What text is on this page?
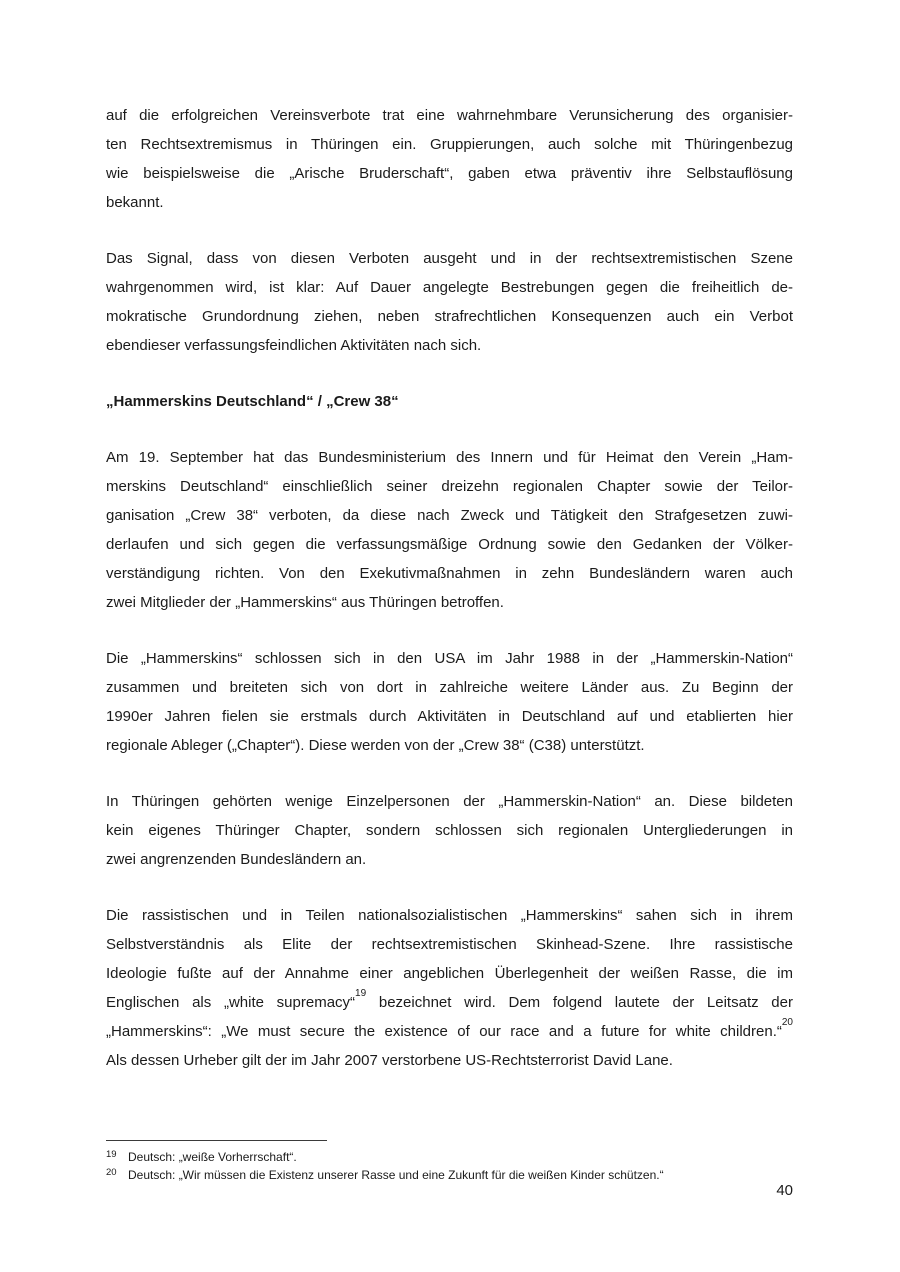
auf die erfolgreichen Vereinsverbote trat eine wahrnehmbare Verunsicherung des organisier-
ten Rechtsextremismus in Thüringen ein. Gruppierungen, auch solche mit Thüringenbezug
wie beispielsweise die „Arische Bruderschaft“, gaben etwa präventiv ihre Selbstauflösung
bekannt.
Das Signal, dass von diesen Verboten ausgeht und in der rechtsextremistischen Szene
wahrgenommen wird, ist klar: Auf Dauer angelegte Bestrebungen gegen die freiheitlich de-
mokratische Grundordnung ziehen, neben strafrechtlichen Konsequenzen auch ein Verbot
ebendieser verfassungsfeindlichen Aktivitäten nach sich.
„Hammerskins Deutschland“ / „Crew 38“
Am 19. September hat das Bundesministerium des Innern und für Heimat den Verein „Ham-
merskins Deutschland“ einschließlich seiner dreizehn regionalen Chapter sowie der Teilor-
ganisation „Crew 38“ verboten, da diese nach Zweck und Tätigkeit den Strafgesetzen zuwi-
derlaufen und sich gegen die verfassungsmäßige Ordnung sowie den Gedanken der Völker-
verständigung richten. Von den Exekutivmaßnahmen in zehn Bundesländern waren auch
zwei Mitglieder der „Hammerskins“ aus Thüringen betroffen.
Die „Hammerskins“ schlossen sich in den USA im Jahr 1988 in der „Hammerskin-Nation“
zusammen und breiteten sich von dort in zahlreiche weitere Länder aus. Zu Beginn der
1990er Jahren fielen sie erstmals durch Aktivitäten in Deutschland auf und etablierten hier
regionale Ableger („Chapter“). Diese werden von der „Crew 38“ (C38) unterstützt.
In Thüringen gehörten wenige Einzelpersonen der „Hammerskin-Nation“ an. Diese bildeten
kein eigenes Thüringer Chapter, sondern schlossen sich regionalen Untergliederungen in
zwei angrenzenden Bundesländern an.
Die rassistischen und in Teilen nationalsozialistischen „Hammerskins“ sahen sich in ihrem
Selbstverständnis als Elite der rechtsextremistischen Skinhead-Szene. Ihre rassistische
Ideologie fußte auf der Annahme einer angeblichen Überlegenheit der weißen Rasse, die im
Englischen als „white supremacy“$^{19}$ bezeichnet wird. Dem folgend lautete der Leitsatz der
„Hammerskins“: „We must secure the existence of our race and a future for white children.“$^{20}$
Als dessen Urheber gilt der im Jahr 2007 verstorbene US-Rechtsterrorist David Lane.
19 Deutsch: „weiße Vorherrschaft“.
20 Deutsch: „Wir müssen die Existenz unserer Rasse und eine Zukunft für die weißen Kinder schützen.“
40
